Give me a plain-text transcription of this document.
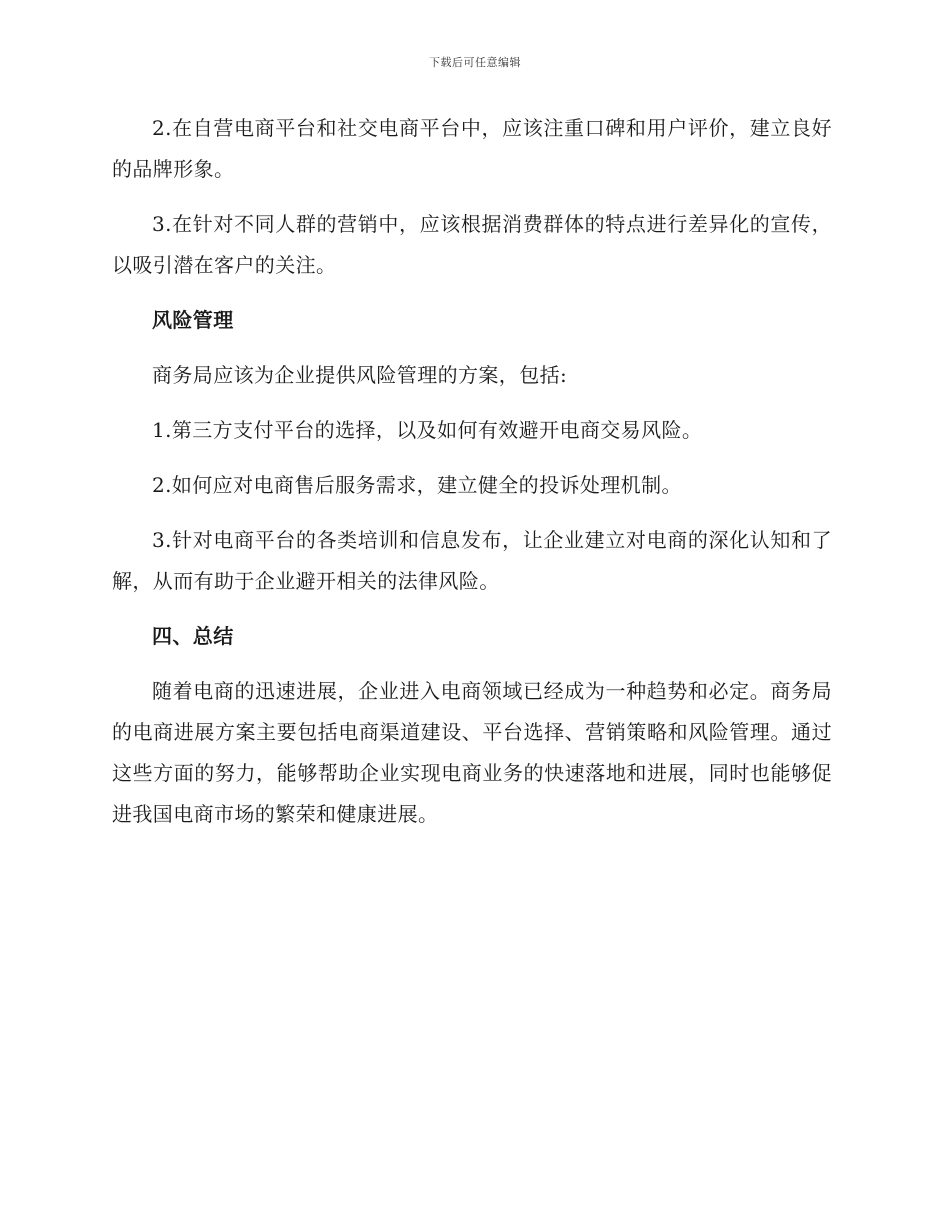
下载后可任意编辑

2.在自营电商平台和社交电商平台中，应该注重口碑和用户评价，建立良好的品牌形象。

3.在针对不同人群的营销中，应该根据消费群体的特点进行差异化的宣传，以吸引潜在客户的关注。

风险管理

商务局应该为企业提供风险管理的方案，包括:

1.第三方支付平台的选择，以及如何有效避开电商交易风险。

2.如何应对电商售后服务需求，建立健全的投诉处理机制。

3.针对电商平台的各类培训和信息发布，让企业建立对电商的深化认知和了解，从而有助于企业避开相关的法律风险。

四、总结

随着电商的迅速进展，企业进入电商领域已经成为一种趋势和必定。商务局的电商进展方案主要包括电商渠道建设、平台选择、营销策略和风险管理。通过这些方面的努力，能够帮助企业实现电商业务的快速落地和进展，同时也能够促进我国电商市场的繁荣和健康进展。
